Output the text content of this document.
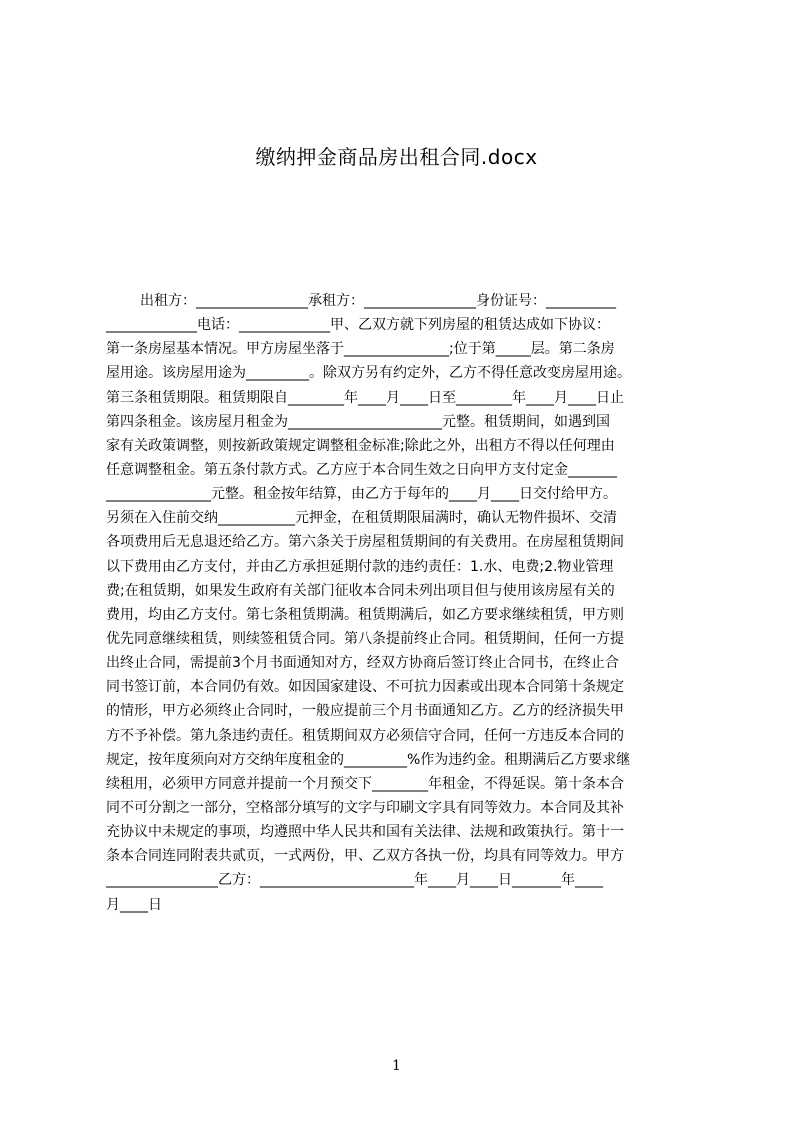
缴纳押金商品房出租合同.docx
出租方：________________承租方：________________身份证号：__________
_____________电话：_____________甲、乙双方就下列房屋的租赁达成如下协议：
第一条房屋基本情况。甲方房屋坐落于_______________;位于第_____层。第二条房
屋用途。该房屋用途为_________。除双方另有约定外，乙方不得任意改变房屋用途。
第三条租赁期限。租赁期限自________年____月____日至________年____月____日止
第四条租金。该房屋月租金为______________________元整。租赁期间，如遇到国
家有关政策调整，则按新政策规定调整租金标准;除此之外，出租方不得以任何理由
任意调整租金。第五条付款方式。乙方应于本合同生效之日向甲方支付定金_______
_______________元整。租金按年结算，由乙方于每年的____月____日交付给甲方。
另须在入住前交纳___________元押金，在租赁期限届满时，确认无物件损坏、交清
各项费用后无息退还给乙方。第六条关于房屋租赁期间的有关费用。在房屋租赁期间
以下费用由乙方支付，并由乙方承担延期付款的违约责任：1.水、电费;2.物业管理
费;在租赁期，如果发生政府有关部门征收本合同未列出项目但与使用该房屋有关的
费用，均由乙方支付。第七条租赁期满。租赁期满后，如乙方要求继续租赁，甲方则
优先同意继续租赁，则续签租赁合同。第八条提前终止合同。租赁期间，任何一方提
出终止合同，需提前3个月书面通知对方，经双方协商后签订终止合同书，在终止合
同书签订前，本合同仍有效。如因国家建设、不可抗力因素或出现本合同第十条规定
的情形，甲方必须终止合同时，一般应提前三个月书面通知乙方。乙方的经济损失甲
方不予补偿。第九条违约责任。租赁期间双方必须信守合同，任何一方违反本合同的
规定，按年度须向对方交纳年度租金的_________%作为违约金。租期满后乙方要求继
续租用，必须甲方同意并提前一个月预交下________年租金，不得延误。第十条本合
同不可分割之一部分，空格部分填写的文字与印刷文字具有同等效力。本合同及其补
充协议中未规定的事项，均遵照中华人民共和国有关法律、法规和政策执行。第十一
条本合同连同附表共贰页，一式两份，甲、乙双方各执一份，均具有同等效力。甲方
________________乙方：______________________年____月____日_______年____
月____日
1
